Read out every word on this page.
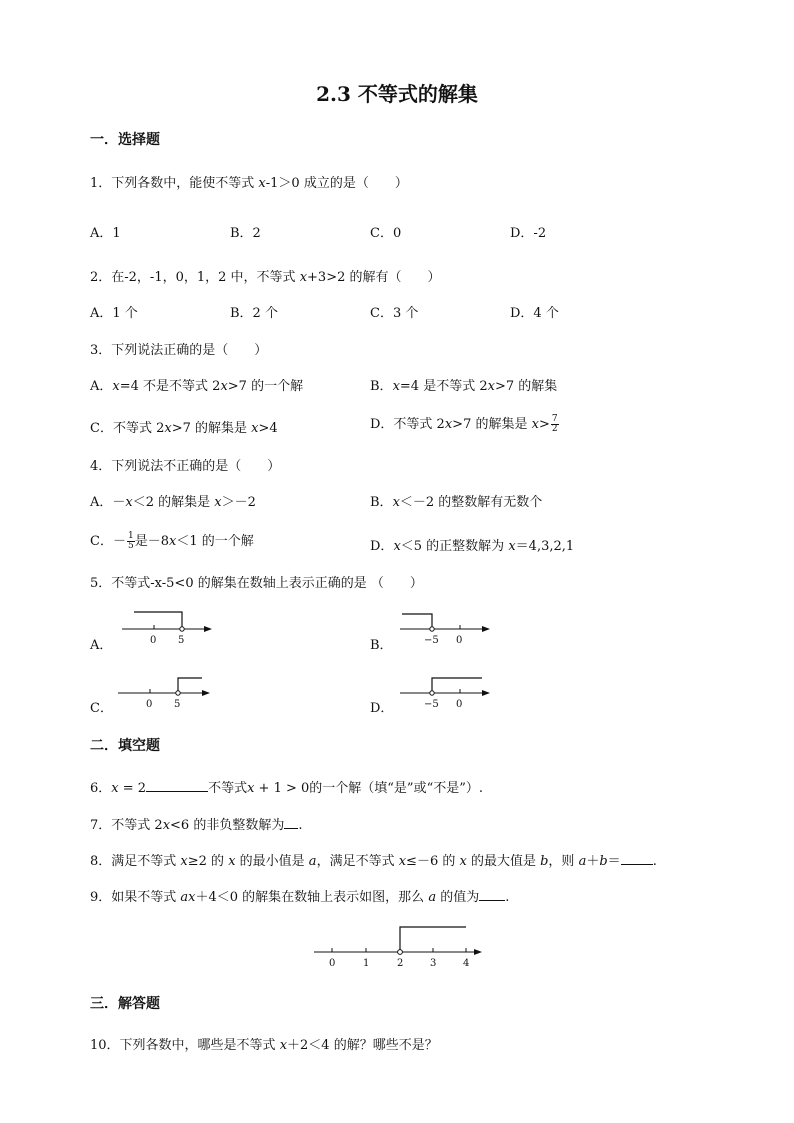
2.3 不等式的解集
一．选择题
1．下列各数中，能使不等式 x-1＞0 成立的是（　　）
A．1	B．2	C．0	D．-2
2．在-2，-1，0，1，2 中，不等式 x+3>2 的解有（　　）
A．1 个	B．2 个	C．3 个	D．4 个
3．下列说法正确的是（　　）
A．x=4 不是不等式 2x>7 的一个解	B．x=4 是不等式 2x>7 的解集
C．不等式 2x>7 的解集是 x>4	D．不等式 2x>7 的解集是 $x> \frac{7}{2}$
4．下列说法不正确的是（　　）
A．－x＜2 的解集是 x＞－2	B．x＜－2 的整数解有无数个
C．－ $\frac{1}{5}$ 是－8x＜1 的一个解	D．x＜5 的正整数解为 x＝4,3,2,1
5．不等式-x-5<0 的解集在数轴上表示正确的是 （　　）
A．	0 5	B．	−5 0
C．	0 5	D．	−5 0
二．填空题
6．x = 2	不等式x + 1 > 0的一个解（填“是”或“不是”）.
7．不等式 2x<6 的非负整数解为 .
8．满足不等式 x≥2 的 x 的最小值是 a，满足不等式 x≤－6 的 x 的最大值是 b，则 a＋b＝ .
9．如果不等式 ax＋4＜0 的解集在数轴上表示如图，那么 a 的值为 .
0	1	2	3	4
三．解答题
10．下列各数中，哪些是不等式 x＋2＜4 的解？哪些不是？
